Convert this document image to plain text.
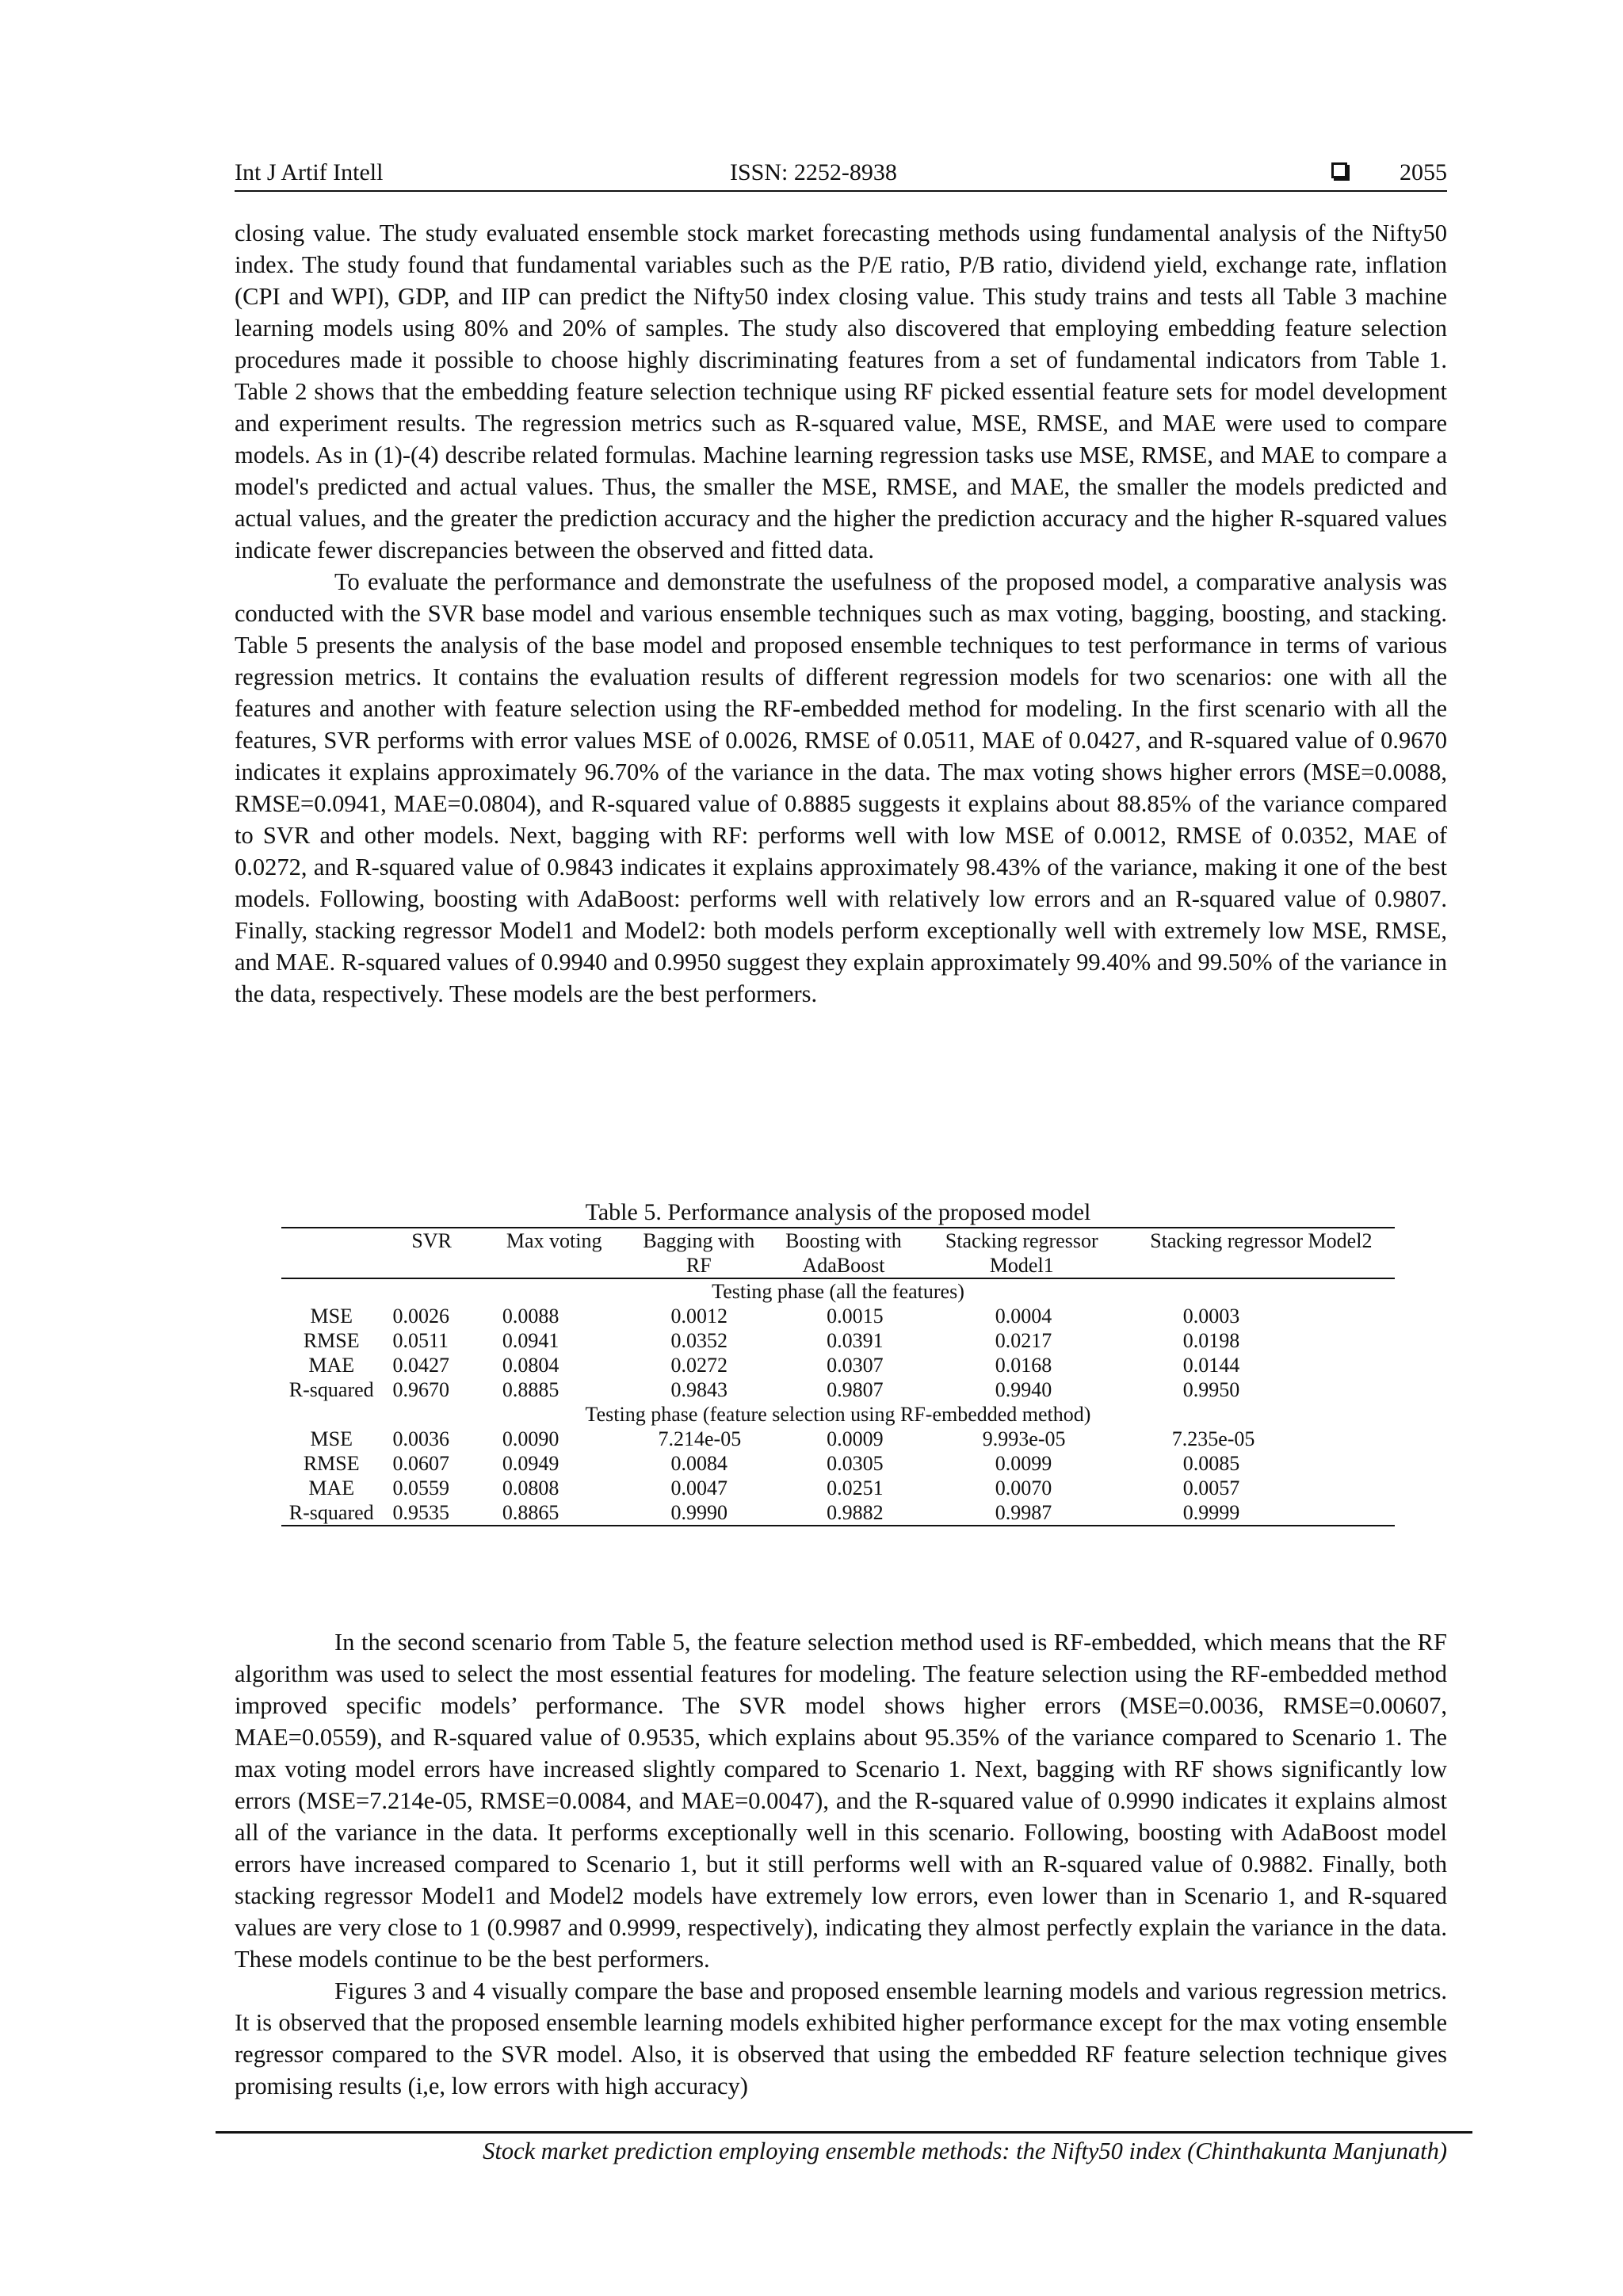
Int J Artif Intell	ISSN: 2252-8938	2055

closing value. The study evaluated ensemble stock market forecasting methods using fundamental analysis of the Nifty50 index. The study found that fundamental variables such as the P/E ratio, P/B ratio, dividend yield, exchange rate, inflation (CPI and WPI), GDP, and IIP can predict the Nifty50 index closing value. This study trains and tests all Table 3 machine learning models using 80% and 20% of samples. The study also discovered that employing embedding feature selection procedures made it possible to choose highly discriminating features from a set of fundamental indicators from Table 1. Table 2 shows that the embedding feature selection technique using RF picked essential feature sets for model development and experiment results. The regression metrics such as R-squared value, MSE, RMSE, and MAE were used to compare models. As in (1)-(4) describe related formulas. Machine learning regression tasks use MSE, RMSE, and MAE to compare a model's predicted and actual values. Thus, the smaller the MSE, RMSE, and MAE, the smaller the models predicted and actual values, and the greater the prediction accuracy and the higher the prediction accuracy and the higher R-squared values indicate fewer discrepancies between the observed and fitted data.

To evaluate the performance and demonstrate the usefulness of the proposed model, a comparative analysis was conducted with the SVR base model and various ensemble techniques such as max voting, bagging, boosting, and stacking. Table 5 presents the analysis of the base model and proposed ensemble techniques to test performance in terms of various regression metrics. It contains the evaluation results of different regression models for two scenarios: one with all the features and another with feature selection using the RF-embedded method for modeling. In the first scenario with all the features, SVR performs with error values MSE of 0.0026, RMSE of 0.0511, MAE of 0.0427, and R-squared value of 0.9670 indicates it explains approximately 96.70% of the variance in the data. The max voting shows higher errors (MSE=0.0088, RMSE=0.0941, MAE=0.0804), and R-squared value of 0.8885 suggests it explains about 88.85% of the variance compared to SVR and other models. Next, bagging with RF: performs well with low MSE of 0.0012, RMSE of 0.0352, MAE of 0.0272, and R-squared value of 0.9843 indicates it explains approximately 98.43% of the variance, making it one of the best models. Following, boosting with AdaBoost: performs well with relatively low errors and an R-squared value of 0.9807. Finally, stacking regressor Model1 and Model2: both models perform exceptionally well with extremely low MSE, RMSE, and MAE. R-squared values of 0.9940 and 0.9950 suggest they explain approximately 99.40% and 99.50% of the variance in the data, respectively. These models are the best performers.

Table 5. Performance analysis of the proposed model
	SVR	Max voting	Bagging with RF	Boosting with AdaBoost	Stacking regressor Model1	Stacking regressor Model2
Testing phase (all the features)						
MSE	0.0026	0.0088	0.0012	0.0015	0.0004	0.0003
RMSE	0.0511	0.0941	0.0352	0.0391	0.0217	0.0198
MAE	0.0427	0.0804	0.0272	0.0307	0.0168	0.0144
R-squared	0.9670	0.8885	0.9843	0.9807	0.9940	0.9950
Testing phase (feature selection using RF-embedded method)						
MSE	0.0036	0.0090	7.214e-05	0.0009	9.993e-05	7.235e-05
RMSE	0.0607	0.0949	0.0084	0.0305	0.0099	0.0085
MAE	0.0559	0.0808	0.0047	0.0251	0.0070	0.0057
R-squared	0.9535	0.8865	0.9990	0.9882	0.9987	0.9999

In the second scenario from Table 5, the feature selection method used is RF-embedded, which means that the RF algorithm was used to select the most essential features for modeling. The feature selection using the RF-embedded method improved specific models’ performance. The SVR model shows higher errors (MSE=0.0036, RMSE=0.00607, MAE=0.0559), and R-squared value of 0.9535, which explains about 95.35% of the variance compared to Scenario 1. The max voting model errors have increased slightly compared to Scenario 1. Next, bagging with RF shows significantly low errors (MSE=7.214e-05, RMSE=0.0084, and MAE=0.0047), and the R-squared value of 0.9990 indicates it explains almost all of the variance in the data. It performs exceptionally well in this scenario. Following, boosting with AdaBoost model errors have increased compared to Scenario 1, but it still performs well with an R-squared value of 0.9882. Finally, both stacking regressor Model1 and Model2 models have extremely low errors, even lower than in Scenario 1, and R-squared values are very close to 1 (0.9987 and 0.9999, respectively), indicating they almost perfectly explain the variance in the data. These models continue to be the best performers.

Figures 3 and 4 visually compare the base and proposed ensemble learning models and various regression metrics. It is observed that the proposed ensemble learning models exhibited higher performance except for the max voting ensemble regressor compared to the SVR model. Also, it is observed that using the embedded RF feature selection technique gives promising results (i,e, low errors with high accuracy)

Stock market prediction employing ensemble methods: the Nifty50 index (Chinthakunta Manjunath)
